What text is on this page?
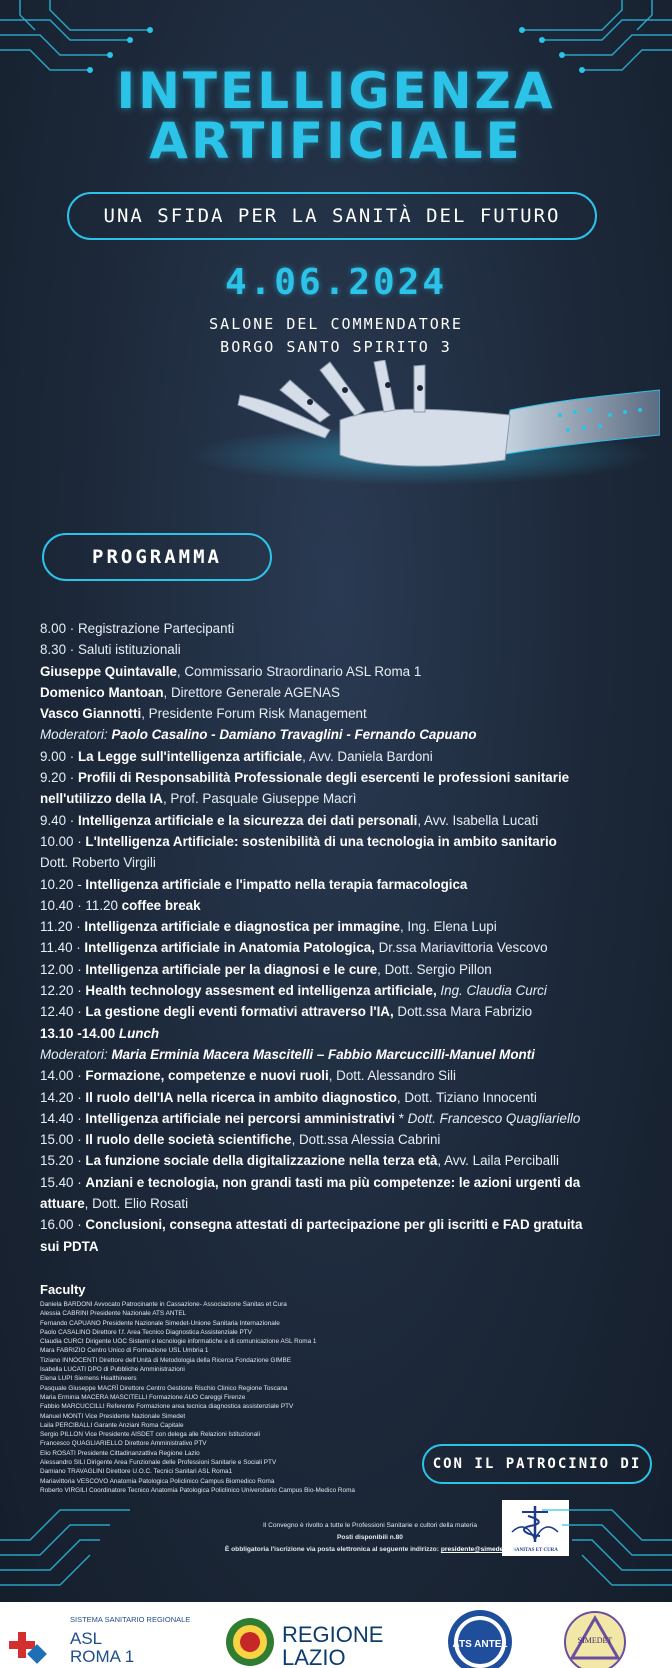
INTELLIGENZA
ARTIFICIALE
UNA SFIDA PER LA SANITÀ DEL FUTURO
4.06.2024
SALONE DEL COMMENDATORE
BORGO SANTO SPIRITO 3
PROGRAMMA
8.00 · Registrazione Partecipanti
8.30 · Saluti istituzionali
Giuseppe Quintavalle, Commissario Straordinario ASL Roma 1
Domenico Mantoan, Direttore Generale AGENAS
Vasco Giannotti, Presidente Forum Risk Management
Moderatori: Paolo Casalino - Damiano Travaglini - Fernando Capuano
9.00 · La Legge sull'intelligenza artificiale, Avv. Daniela Bardoni
9.20 · Profili di Responsabilità Professionale degli esercenti le professioni sanitarie
nell'utilizzo della IA, Prof. Pasquale Giuseppe Macrì
9.40 · Intelligenza artificiale e la sicurezza dei dati personali, Avv. Isabella Lucati
10.00 · L'Intelligenza Artificiale: sostenibilità di una tecnologia in ambito sanitario
Dott. Roberto Virgili
10.20 - Intelligenza artificiale e l'impatto nella terapia farmacologica
10.40 · 11.20 coffee break
11.20 · Intelligenza artificiale e diagnostica per immagine, Ing. Elena Lupi
11.40 · Intelligenza artificiale in Anatomia Patologica, Dr.ssa Mariavittoria Vescovo
12.00 · Intelligenza artificiale per la diagnosi e le cure, Dott. Sergio Pillon
12.20 · Health technology assesment ed intelligenza artificiale, Ing. Claudia Curci
12.40 · La gestione degli eventi formativi attraverso l'IA, Dott.ssa Mara Fabrizio
13.10 -14.00 Lunch
Moderatori: Maria Erminia Macera Mascitelli – Fabbio Marcuccilli-Manuel Monti
14.00 · Formazione, competenze e nuovi ruoli, Dott. Alessandro Sili
14.20 · Il ruolo dell'IA nella ricerca in ambito diagnostico, Dott. Tiziano Innocenti
14.40 · Intelligenza artificiale nei percorsi amministrativi * Dott. Francesco Quagliariello
15.00 · Il ruolo delle società scientifiche, Dott.ssa Alessia Cabrini
15.20 · La funzione sociale della digitalizzazione nella terza età, Avv. Laila Perciballi
15.40 · Anziani e tecnologia, non grandi tasti ma più competenze: le azioni urgenti da
attuare, Dott. Elio Rosati
16.00 · Conclusioni, consegna attestati di partecipazione per gli iscritti e FAD gratuita
sui PDTA
Faculty
Daniela BARDONI Avvocato Patrocinante in Cassazione- Associazione Sanitas et Cura
Alessia CABRINI Presidente Nazionale ATS ANTEL
Fernando CAPUANO Presidente Nazionale Simedet-Unione Sanitaria Internazionale
Paolo CASALINO Direttore f.f. Area Tecnico Diagnostica Assistenziale PTV
Claudia CURCI Dirigente UOC Sistemi e tecnologie informatiche e di comunicazione ASL Roma 1
Mara FABRIZIO Centro Unico di Formazione USL Umbria 1
Tiziano INNOCENTI Direttore dell'Unità di Metodologia della Ricerca Fondazione GIMBE
Isabella LUCATI DPO di Pubbliche Amministrazioni
Elena LUPI Siemens Healthineers
Pasquale Giuseppe MACRÌ Direttore Centro Gestione Rischio Clinico Regione Toscana
Maria Erminia MACERA MASCITELLI Formazione AUO Careggi Firenze
Fabbio MARCUCCILLI Referente Formazione area tecnica diagnostica assistenziale PTV
Manuel MONTI Vice Presidente Nazionale Simedet
Laila PERCIBALLI Garante Anziani Roma Capitale
Sergio PILLON Vice Presidente AISDET con delega alle Relazioni Istituzionali
Francesco QUAGLIARIELLO Direttore Amministrativo PTV
Elio ROSATI Presidente Cittadinanzattiva Regione Lazio
Alessandro SILI Dirigente Area Funzionale delle Professioni Sanitarie e Sociali PTV
Damiano TRAVAGLINI Direttore U.O.C. Tecnici Sanitari ASL Roma1
Mariavittoria VESCOVO Anatomia Patologica Policlinico Campus Biomedico Roma
Roberto VIRGILI Coordinatore Tecnico Anatomia Patologica Policlinico Universitario Campus Bio-Medico Roma
CON IL PATROCINIO DI
SANITAS ET CURA
Il Convegno è rivolto a tutte le Professioni Sanitarie e cultori della materia
Posti disponibili n.80
È obbligatoria l'iscrizione via posta elettronica al seguente indirizzo: presidente@simedet.eu
SISTEMA SANITARIO REGIONALE
ASL
ROMA 1
REGIONE
LAZIO
ATS ANTEL	SIMEDET
